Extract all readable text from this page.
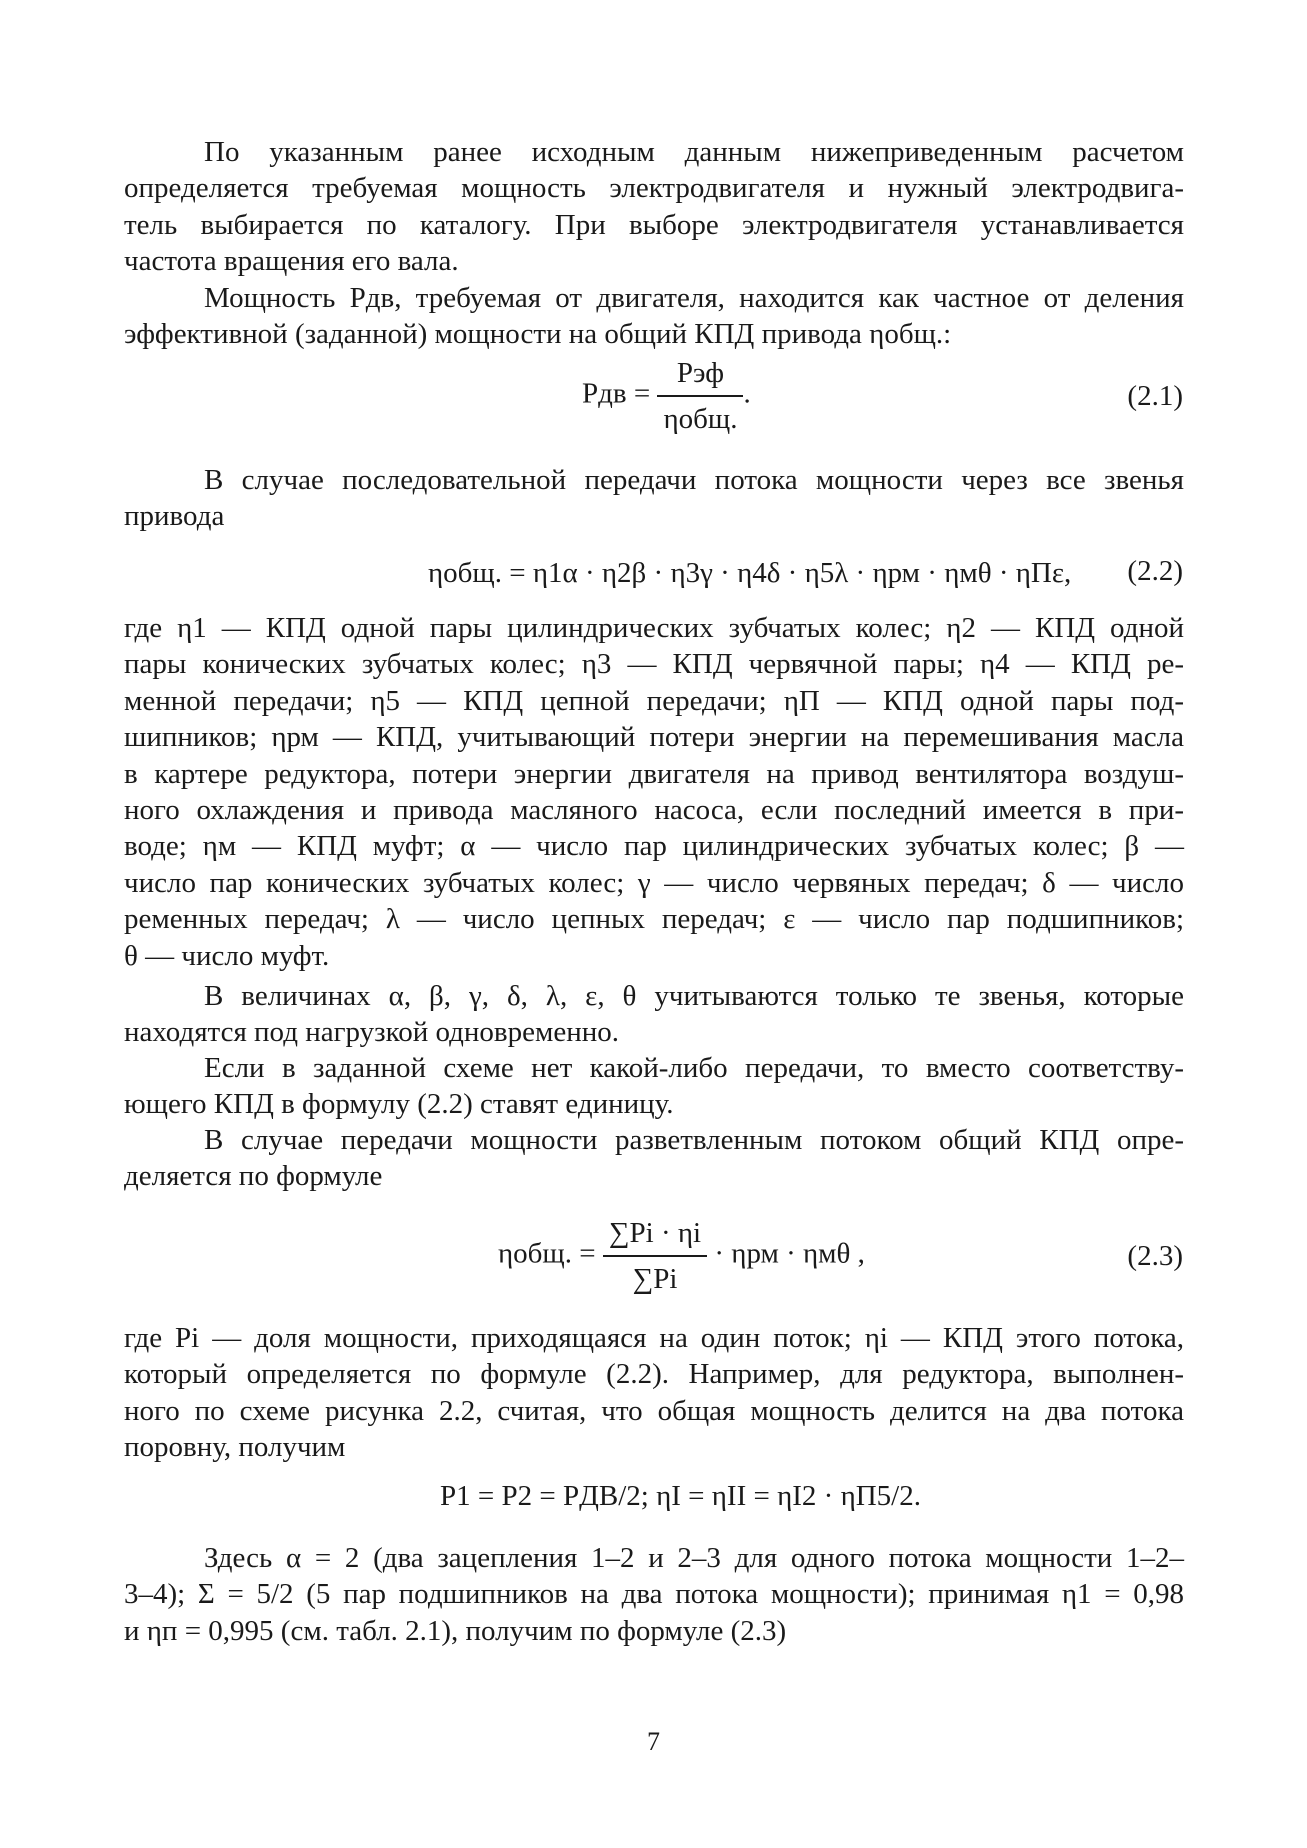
По указанным ранее исходным данным нижеприведенным расчетом
определяется требуемая мощность электродвигателя и нужный электродвига-
тель выбирается по каталогу. При выборе электродвигателя устанавливается
частота вращения его вала.
Мощность Pдв, требуемая от двигателя, находится как частное от деления
эффективной (заданной) мощности на общий КПД привода ηобщ.:
Pдв = $\frac{\text{Pэф}}{\text{ηобщ.}}$ .	(2.1)
В случае последовательной передачи потока мощности через все звенья
привода
ηобщ. = η1α · η2β · η3γ · η4δ · η5λ · ηрм · ηмθ · ηПε, (2.2)
где η1 — КПД одной пары цилиндрических зубчатых колес; η2 — КПД одной
пары конических зубчатых колес; η3 — КПД червячной пары; η4 — КПД ре-
менной передачи; η5 — КПД цепной передачи; ηП — КПД одной пары под-
шипников; ηрм — КПД, учитывающий потери энергии на перемешивания масла
в картере редуктора, потери энергии двигателя на привод вентилятора воздуш-
ного охлаждения и привода масляного насоса, если последний имеется в при-
воде; ηм — КПД муфт; α — число пар цилиндрических зубчатых колес; β —
число пар конических зубчатых колес; γ — число червяных передач; δ — число
ременных передач; λ — число цепных передач; ε — число пар подшипников;
θ — число муфт.
В величинах α, β, γ, δ, λ, ε, θ учитываются только те звенья, которые
находятся под нагрузкой одновременно.
Если в заданной схеме нет какой-либо передачи, то вместо соответству-
ющего КПД в формулу (2.2) ставят единицу.
В случае передачи мощности разветвленным потоком общий КПД опре-
деляется по формуле
ηобщ. = $\frac{\sum Pi \cdot \eta i}{\sum Pi} \cdot \eta рм \cdot \eta м\theta$ ,	(2.3)
где Pi — доля мощности, приходящаяся на один поток; ηi — КПД этого потока,
который определяется по формуле (2.2). Например, для редуктора, выполнен-
ного по схеме рисунка 2.2, считая, что общая мощность делится на два потока
поровну, получим
P1 = P2 = PДВ/2; ηI = ηII = ηI2 · ηП5/2.
Здесь α = 2 (два зацепления 1–2 и 2–3 для одного потока мощности 1–2–
3–4); Σ = 5/2 (5 пар подшипников на два потока мощности); принимая η1 = 0,98
и ηп = 0,995 (см. табл. 2.1), получим по формуле (2.3)
7
